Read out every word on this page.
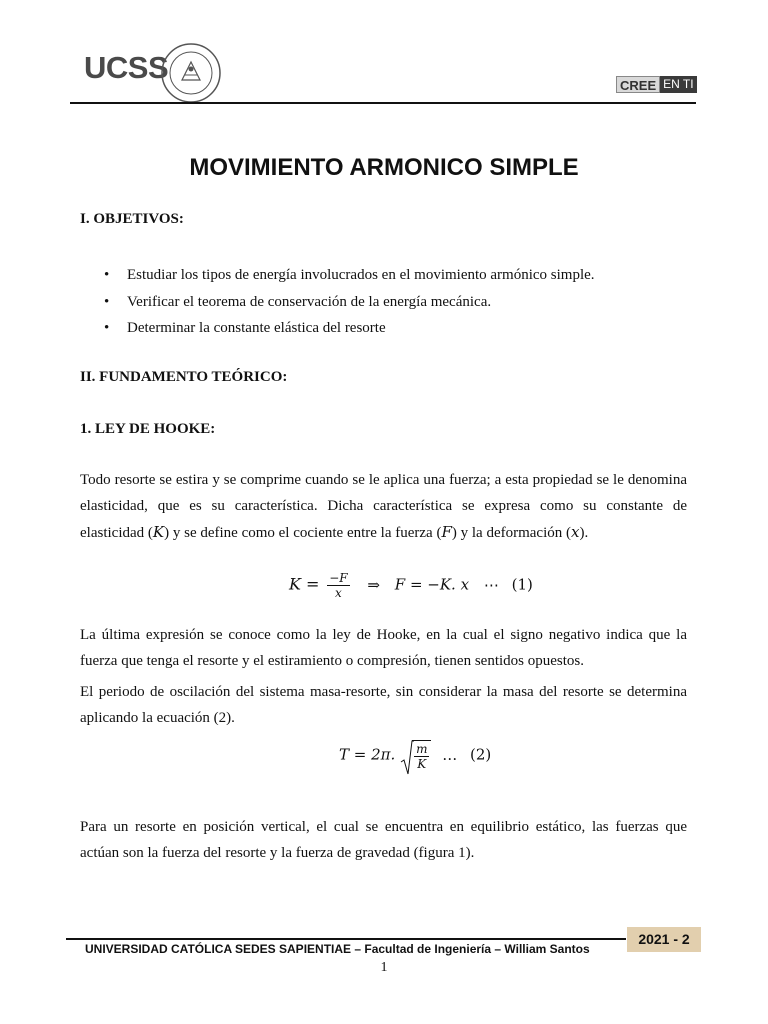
UCSS
CREE EN TI
MOVIMIENTO ARMONICO SIMPLE
I. OBJETIVOS:
• Estudiar los tipos de energía involucrados en el movimiento armónico simple.
• Verificar el teorema de conservación de la energía mecánica.
• Determinar la constante elástica del resorte
II. FUNDAMENTO TEÓRICO:
1. LEY DE HOOKE:
Todo resorte se estira y se comprime cuando se le aplica una fuerza; a esta propiedad se le denomina
elasticidad, que es su característica. Dicha característica se expresa como su constante de
elasticidad (K) y se define como el cociente entre la fuerza (F) y la deformación (x).
$K = \frac{-F}{x}$ ⇒ F = −K. x ⋯ (1)
La última expresión se conoce como la ley de Hooke, en la cual el signo negativo indica que la
fuerza que tenga el resorte y el estiramiento o compresión, tienen sentidos opuestos.
El periodo de oscilación del sistema masa-resorte, sin considerar la masa del resorte se determina
aplicando la ecuación (2).
T = 2π. $\frac{m}{K}$ … (2)
Para un resorte en posición vertical, el cual se encuentra en equilibrio estático, las fuerzas que
actúan son la fuerza del resorte y la fuerza de gravedad (figura 1).
2021 - 2
UNIVERSIDAD CATÓLICA SEDES SAPIENTIAE – Facultad de Ingeniería – William Santos
1
